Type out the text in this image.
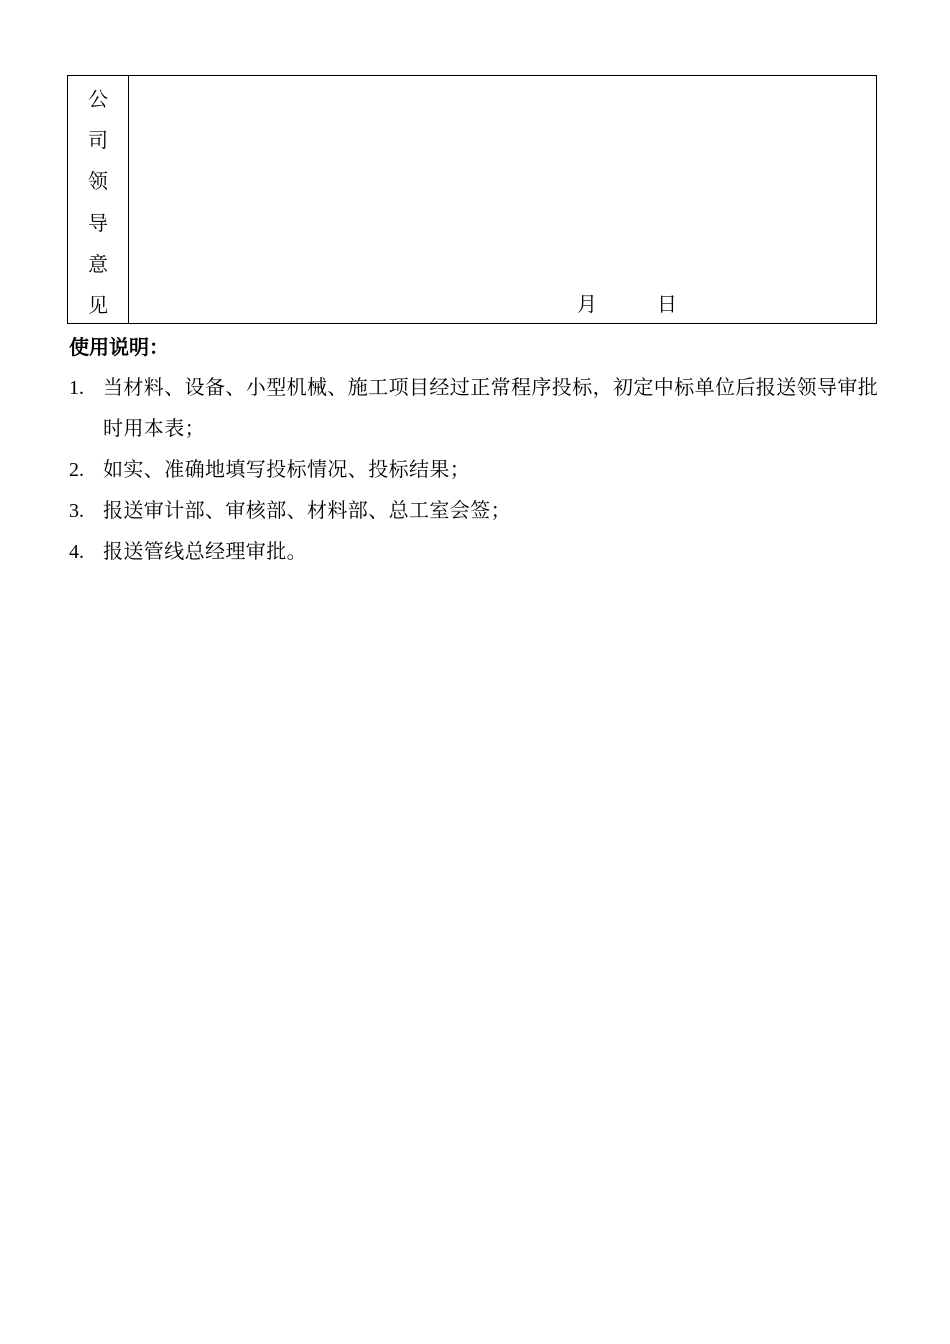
公
司
领
导
意
见	月	日
使用说明：
1. 当材料、设备、小型机械、施工项目经过正常程序投标，初定中标单位后报送领导审批时用本表；
2. 如实、准确地填写投标情况、投标结果；
3. 报送审计部、审核部、材料部、总工室会签；
4. 报送管线总经理审批。
